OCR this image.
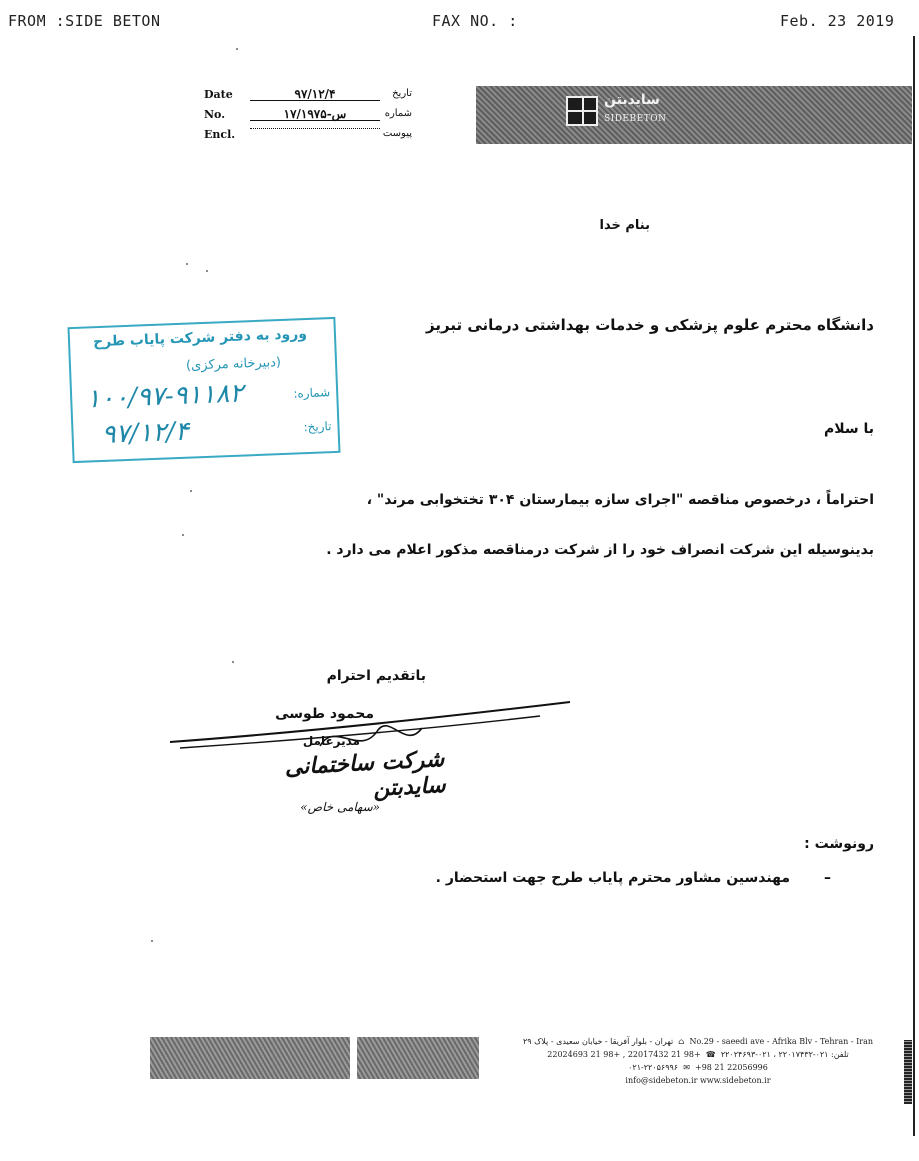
FROM :SIDE BETON	FAX NO. :	Feb. 23 2019
Date	۹۷/۱۲/۴	تاریخ
No.	س-۱۷/۱۹۷۵	شماره
Encl.	پیوست
سایدبتن
SIDEBETON
بنام خدا
دانشگاه محترم علوم پزشکی و خدمات بهداشتی درمانی تبریز
با سلام
احتراماً ، درخصوص مناقصه "اجرای سازه بیمارستان ۳۰۴ تختخوابی مرند" ،
بدینوسیله این شرکت انصراف خود را از شرکت درمناقصه مذکور اعلام می دارد .
باتقدیم احترام
محمود طوسی
مدیرعامل
شرکت ساختمانی سایدبتن
«سهامی خاص»
رونوشت :
مهندسین مشاور محترم پایاب طرح جهت استحضار . –
ورود به دفتر شرکت پایاب طرح
(دبیرخانه مرکزی)
شماره:
۱۰۰/۹۷-۹۱۱۸۲
تاریخ:
۹۷/۱۲/۴
تهران - بلوار آفریقا - خیابان سعیدی - پلاک ۲۹ ⌂ No.29 - saeedi ave - Afrika Blv - Tehran - Iran
تلفن: ۰۲۱-۲۲۰۱۷۴۳۲ ، ۰۲۱-۲۲۰۲۴۶۹۳  ☎  +98 21 22017432 , +98 21 22024693
۰۲۱-۲۲۰۵۶۹۹۶ ✉ +98 21 22056996
info@sidebeton.ir www.sidebeton.ir
